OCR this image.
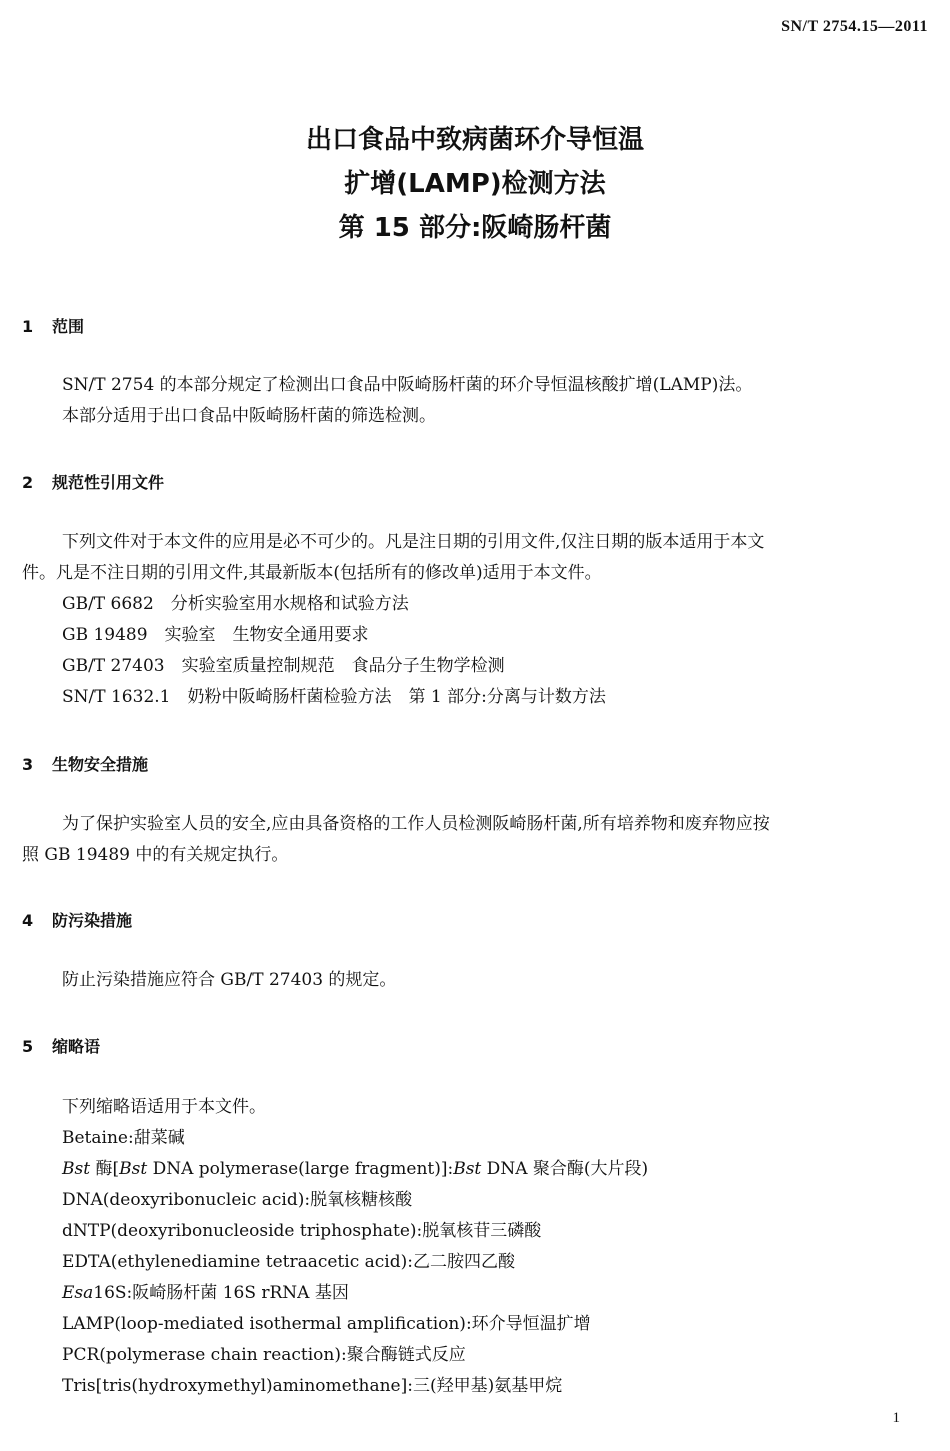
SN/T 2754.15—2011
出口食品中致病菌环介导恒温
扩增(LAMP)检测方法
第 15 部分:阪崎肠杆菌
1 范围
SN/T 2754 的本部分规定了检测出口食品中阪崎肠杆菌的环介导恒温核酸扩增(LAMP)法。
本部分适用于出口食品中阪崎肠杆菌的筛选检测。
2 规范性引用文件
下列文件对于本文件的应用是必不可少的。凡是注日期的引用文件,仅注日期的版本适用于本文
件。凡是不注日期的引用文件,其最新版本(包括所有的修改单)适用于本文件。
GB/T 6682　分析实验室用水规格和试验方法
GB 19489　实验室　生物安全通用要求
GB/T 27403　实验室质量控制规范　食品分子生物学检测
SN/T 1632.1　奶粉中阪崎肠杆菌检验方法　第 1 部分:分离与计数方法
3 生物安全措施
为了保护实验室人员的安全,应由具备资格的工作人员检测阪崎肠杆菌,所有培养物和废弃物应按
照 GB 19489 中的有关规定执行。
4 防污染措施
防止污染措施应符合 GB/T 27403 的规定。
5 缩略语
下列缩略语适用于本文件。
Betaine:甜菜碱
Bst 酶[Bst DNA polymerase(large fragment)]:Bst DNA 聚合酶(大片段)
DNA(deoxyribonucleic acid):脱氧核糖核酸
dNTP(deoxyribonucleoside triphosphate):脱氧核苷三磷酸
EDTA(ethylenediamine tetraacetic acid):乙二胺四乙酸
Esa16S:阪崎肠杆菌 16S rRNA 基因
LAMP(loop-mediated isothermal amplification):环介导恒温扩增
PCR(polymerase chain reaction):聚合酶链式反应
Tris[tris(hydroxymethyl)aminomethane]:三(羟甲基)氨基甲烷
1
